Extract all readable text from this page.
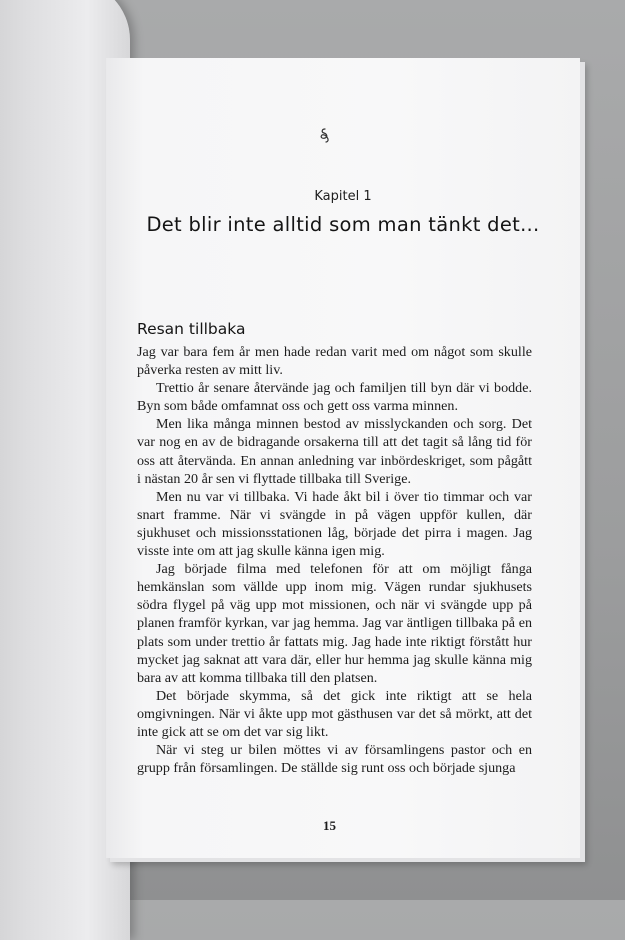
Kapitel 1
Det blir inte alltid som man tänkt det...
Resan tillbaka

Jag var bara fem år men hade redan varit med om något som skulle påverka resten av mitt liv.

Trettio år senare återvände jag och familjen till byn där vi bodde. Byn som både omfamnat oss och gett oss varma minnen.

Men lika många minnen bestod av misslyckanden och sorg. Det var nog en av de bidragande orsakerna till att det tagit så lång tid för oss att återvända. En annan anledning var inbördeskriget, som pågått i nästan 20 år sen vi flyttade tillbaka till Sverige.

Men nu var vi tillbaka. Vi hade åkt bil i över tio timmar och var snart framme. När vi svängde in på vägen uppför kullen, där sjukhuset och missionsstationen låg, började det pirra i magen. Jag visste inte om att jag skulle känna igen mig.

Jag började filma med telefonen för att om möjligt fånga hemkänslan som vällde upp inom mig. Vägen rundar sjukhusets södra flygel på väg upp mot missionen, och när vi svängde upp på planen framför kyrkan, var jag hemma. Jag var äntligen tillbaka på en plats som under trettio år fattats mig. Jag hade inte riktigt förstått hur mycket jag saknat att vara där, eller hur hemma jag skulle känna mig bara av att komma tillbaka till den platsen.

Det började skymma, så det gick inte riktigt att se hela omgivningen. När vi åkte upp mot gästhusen var det så mörkt, att det inte gick att se om det var sig likt.

När vi steg ur bilen möttes vi av församlingens pastor och en grupp från församlingen. De ställde sig runt oss och började sjunga

15
